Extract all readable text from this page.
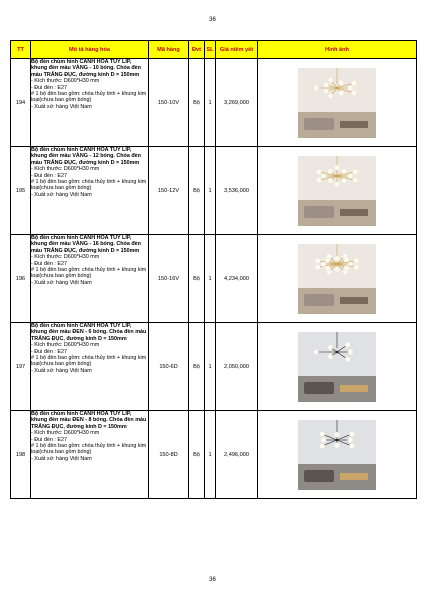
36
TT	Mô tả hàng hóa	Mã hàng	Đvt	SL	Giá niêm yết	Hình ảnh
194	Bộ đèn chùm hình CÀNH HOA TUY LIP, khung đèn màu VÀNG - 10 bóng. Chóa đèn màu TRẮNG ĐỤC, đường kính D = 150mm
- Kích thước: D600*H30 mm
- Đui đèn : E27
# 1 bộ đèn bao gồm: chóa thủy tinh + khung kim loại(chưa bao gồm bóng)
- Xuất xứ: hàng Việt Nam	150-10V	Bộ	1	3,269,000	

195	Bộ đèn chùm hình CÀNH HOA TUY LIP, khung đèn màu VÀNG - 12 bóng. Chóa đèn màu TRẮNG ĐỤC, đường kính D = 150mm
- Kích thước: D600*H30 mm
- Đui đèn : E27
# 1 bộ đèn bao gồm: chóa thủy tinh + khung kim loại(chưa bao gồm bóng)
- Xuất xứ: hàng Việt Nam	150-12V	Bộ	1	3,536,000	

196	Bộ đèn chùm hình CÀNH HOA TUY LIP, khung đèn màu VÀNG - 16 bóng. Chóa đèn màu TRẮNG ĐỤC, đường kính D = 150mm
- Kích thước: D600*H30 mm
- Đui đèn : E27
# 1 bộ đèn bao gồm: chóa thủy tinh + khung kim loại(chưa bao gồm bóng)
- Xuất xứ: hàng Việt Nam	150-16V	Bộ	1	4,234,000	

197	Bộ đèn chùm hình CÀNH HOA TUY LIP, khung đèn màu ĐEN - 6 bóng. Chóa đèn màu TRẮNG ĐỤC, đường kính D = 150mm
- Kích thước: D600*H30 mm
- Đui đèn : E27
# 1 bộ đèn bao gồm: chóa thủy tinh + khung kim loại(chưa bao gồm bóng)
- Xuất xứ: hàng Việt Nam	150-6D	Bộ	1	2,050,000	

198	Bộ đèn chùm hình CÀNH HOA TUY LIP, khung đèn màu ĐEN - 8 bóng. Chóa đèn màu TRẮNG ĐỤC, đường kính D = 150mm
- Kích thước: D600*H30 mm
- Đui đèn : E27
# 1 bộ đèn bao gồm: chóa thủy tinh + khung kim loại(chưa bao gồm bóng)
- Xuất xứ: hàng Việt Nam	150-8D	Bộ	1	2,496,000	
36
